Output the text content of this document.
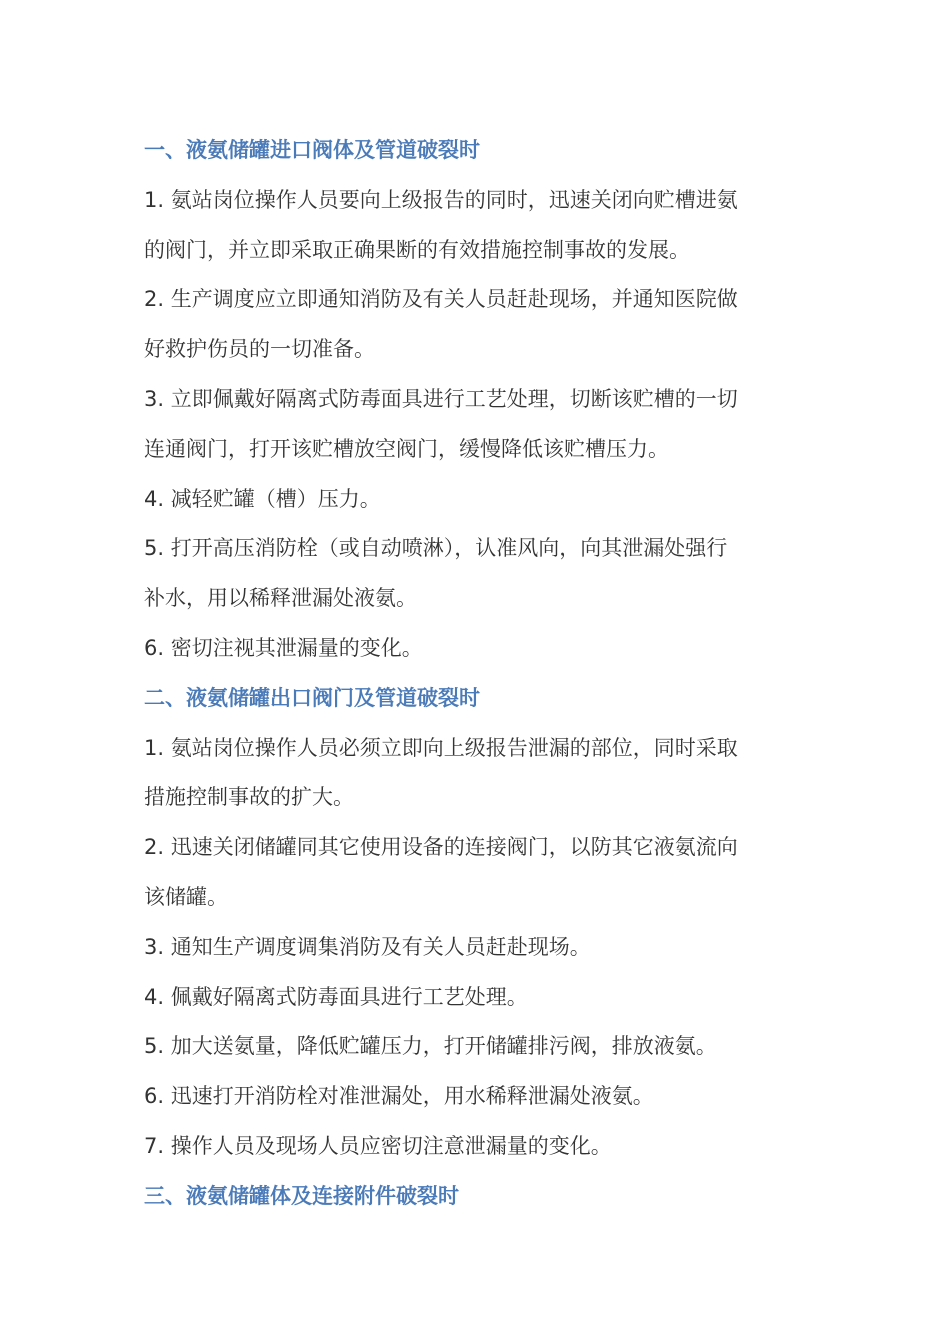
一、液氨储罐进口阀体及管道破裂时
1. 氨站岗位操作人员要向上级报告的同时，迅速关闭向贮槽进氨
的阀门，并立即采取正确果断的有效措施控制事故的发展。
2. 生产调度应立即通知消防及有关人员赶赴现场，并通知医院做
好救护伤员的一切准备。
3. 立即佩戴好隔离式防毒面具进行工艺处理，切断该贮槽的一切
连通阀门，打开该贮槽放空阀门，缓慢降低该贮槽压力。
4. 减轻贮罐（槽）压力。
5. 打开高压消防栓（或自动喷淋），认准风向，向其泄漏处强行
补水，用以稀释泄漏处液氨。
6. 密切注视其泄漏量的变化。
二、液氨储罐出口阀门及管道破裂时
1. 氨站岗位操作人员必须立即向上级报告泄漏的部位，同时采取
措施控制事故的扩大。
2. 迅速关闭储罐同其它使用设备的连接阀门，以防其它液氨流向
该储罐。
3. 通知生产调度调集消防及有关人员赶赴现场。
4. 佩戴好隔离式防毒面具进行工艺处理。
5. 加大送氨量，降低贮罐压力，打开储罐排污阀，排放液氨。
6. 迅速打开消防栓对准泄漏处，用水稀释泄漏处液氨。
7. 操作人员及现场人员应密切注意泄漏量的变化。
三、液氨储罐体及连接附件破裂时
